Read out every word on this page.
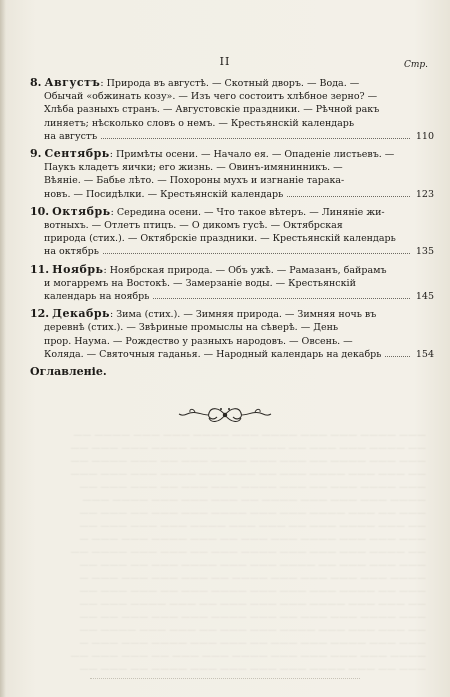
II	Стр.
8. Августъ: Природа въ августѣ. — Скотный дворъ. — Вода. —
Обычай «обжинать козу». — Изъ чего состоитъ хлѣбное зерно? —
Хлѣба разныхъ странъ. — Августовскіе праздники. — Рѣчной ракъ
линяетъ; нѣсколько словъ о немъ. — Крестьянскій календарь
на августъ	110
9. Сентябрь: Примѣты осени. — Начало ея. — Опаденіе листьевъ. —
Паукъ кладетъ яички; его жизнь. — Овинъ-имянинникъ. —
Вѣяніе. — Бабье лѣто. — Похороны мухъ и изгнаніе таракa-
новъ. — Посидѣлки. — Крестьянскій календарь	123
10. Октябрь: Середина осени. — Что такое вѣтеръ. — Линяніе жи-
вотныхъ. — Отлетъ птицъ. — О дикомъ гусѣ. — Октябрская
природа (стих.). — Октябрскіе праздники. — Крестьянскій календарь
на октябрь	135
11. Ноябрь: Ноябрская природа. — Объ ужѣ. — Рамазанъ, байрамъ
и могарремъ на Востокѣ. — Замерзаніе воды. — Крестьянскій
календарь на ноябрь	145
12. Декабрь: Зима (стих.). — Зимняя природа. — Зимняя ночь въ
деревнѣ (стих.). — Звѣриные промыслы на сѣверѣ. — День
прор. Наума. — Рождество у разныхъ народовъ. — Овсень. —
Коляда. — Святочныя гаданья. — Народный календарь на декабрь	154
Оглавленіе.
——— ———— ——— ——— ———— ——— ———— ——— ——— ———— ——
—— ———— ——— ——— —— ———— ——— ——— ———— ——— ——— ——
——— ——— ———— —— ——— ——— ———— ——— —— ——— ———— ——
—— ——— ——— ———— ——— —— ——— ——— ———— ——— ——— ———
——— ———— ——— —— ——— ———— ——— ——— —— ——— ——— ——
———— ——— ——— ——— ———— —— ——— ——— ——— ———— ———
——— —— ——— ———— ——— ——— ———— ——— ——— —— ——— ——
—— ——— ———— ——— —— ——— ——— ———— ——— ——— ——— ——
——— ——— ——— ———— ——— ——— —— ——— ———— ——— ——— —
—— ———— ——— ——— ——— ———— ——— —— ——— ——— ———— ——
——— ——— ——— —— ———— ——— ——— ———— ——— —— ——— ——
———— ——— ——— ——— ——— ———— —— ——— ——— ——— ——— —
——— —— ———— ——— ——— ——— ———— ——— —— ——— ——— ——
—— ——— ——— ———— ——— ——— ——— —— ——— ———— ——— ——
——— ———— ——— ——— —— ——— ———— ——— ——— ——— —— ——
—— ——— ——— ——— ———— ——— ——— —— ——— ——— ———— ——
——— ——— ———— ——— ——— —— ——— ——— ———— ——— ——— —
———— ——— ——— ——— ——— ———— ——— ——— —— ——— ——— ——
——— —— ——— ———— ——— ——— ——— ——— ———— —— ——— ——
